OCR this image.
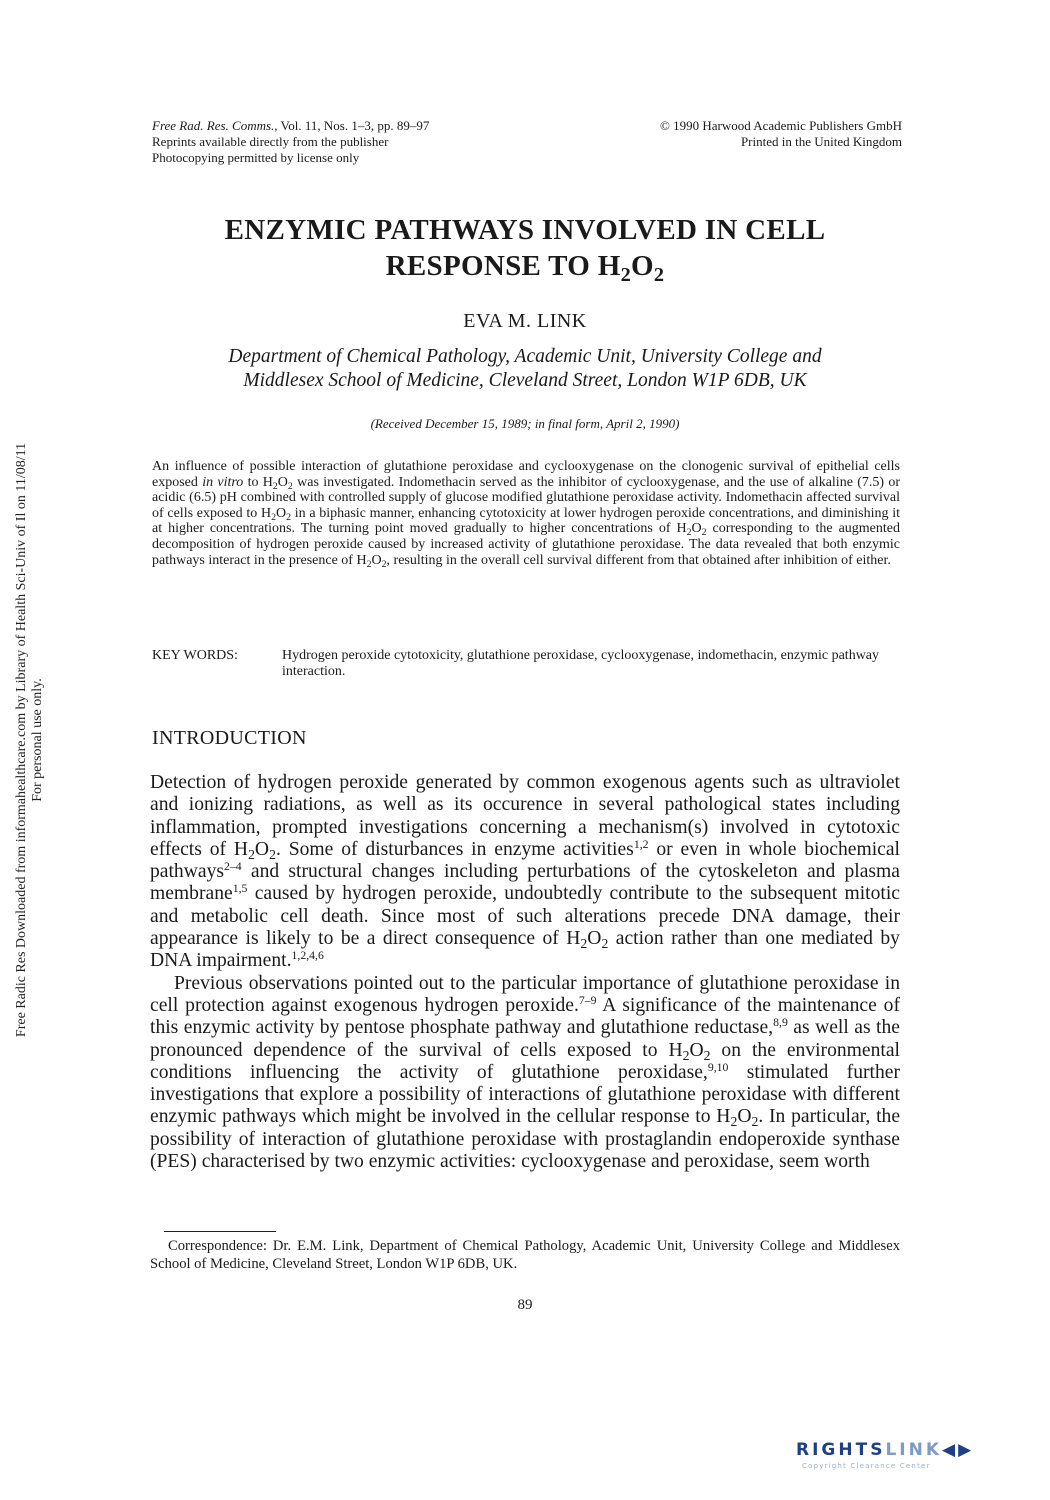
Free Rad. Res. Comms., Vol. 11, Nos. 1–3, pp. 89–97
Reprints available directly from the publisher
Photocopying permitted by license only
© 1990 Harwood Academic Publishers GmbH
Printed in the United Kingdom
ENZYMIC PATHWAYS INVOLVED IN CELL
RESPONSE TO $H_2O_2$
EVA M. LINK
Department of Chemical Pathology, Academic Unit, University College and
Middlesex School of Medicine, Cleveland Street, London W1P 6DB, UK
(Received December 15, 1989; in final form, April 2, 1990)
An influence of possible interaction of glutathione peroxidase and cyclooxygenase on the clonogenic survival of epithelial cells exposed in vitro to $H_2O_2$ was investigated. Indomethacin served as the inhibitor of cyclooxygenase, and the use of alkaline (7.5) or acidic (6.5) pH combined with controlled supply of glucose modified glutathione peroxidase activity. Indomethacin affected survival of cells exposed to $H_2O_2$ in a biphasic manner, enhancing cytotoxicity at lower hydrogen peroxide concentrations, and diminishing it at higher concentrations. The turning point moved gradually to higher concentrations of $H_2O_2$ corresponding to the augmented decomposition of hydrogen peroxide caused by increased activity of glutathione peroxidase. The data revealed that both enzymic pathways interact in the presence of $H_2O_2$, resulting in the overall cell survival different from that obtained after inhibition of either.
KEY WORDS:	Hydrogen peroxide cytotoxicity, glutathione peroxidase, cyclooxygenase, indomethacin, enzymic pathway interaction.
INTRODUCTION

Detection of hydrogen peroxide generated by common exogenous agents such as ultraviolet and ionizing radiations, as well as its occurence in several pathological states including inflammation, prompted investigations concerning a mechanism(s) involved in cytotoxic effects of $H_2O_2$. Some of disturbances in enzyme activities$^{1,2}$ or even in whole biochemical pathways$^{2-4}$ and structural changes including perturbations of the cytoskeleton and plasma membrane$^{1,5}$ caused by hydrogen peroxide, undoubtedly contribute to the subsequent mitotic and metabolic cell death. Since most of such alterations precede DNA damage, their appearance is likely to be a direct consequence of $H_2O_2$ action rather than one mediated by DNA impairment.$^{1,2,4,6}$

Previous observations pointed out to the particular importance of glutathione peroxidase in cell protection against exogenous hydrogen peroxide.$^{7-9}$ A significance of the maintenance of this enzymic activity by pentose phosphate pathway and glutathione reductase,$^{8,9}$ as well as the pronounced dependence of the survival of cells exposed to $H_2O_2$ on the environmental conditions influencing the activity of glutathione peroxidase,$^{9,10}$ stimulated further investigations that explore a possibility of interactions of glutathione peroxidase with different enzymic pathways which might be involved in the cellular response to $H_2O_2$. In particular, the possibility of interaction of glutathione peroxidase with prostaglandin endoperoxide synthase (PES) characterised by two enzymic activities: cyclooxygenase and peroxidase, seem worth

Correspondence: Dr. E.M. Link, Department of Chemical Pathology, Academic Unit, University College and Middlesex School of Medicine, Cleveland Street, London W1P 6DB, UK.
89
Free Radic Res Downloaded from informahealthcare.com by Library of Health Sci-Univ of Il on 11/08/11 For personal use only.
RIGHTSLINK◀▶
Copyright Clearance Center
